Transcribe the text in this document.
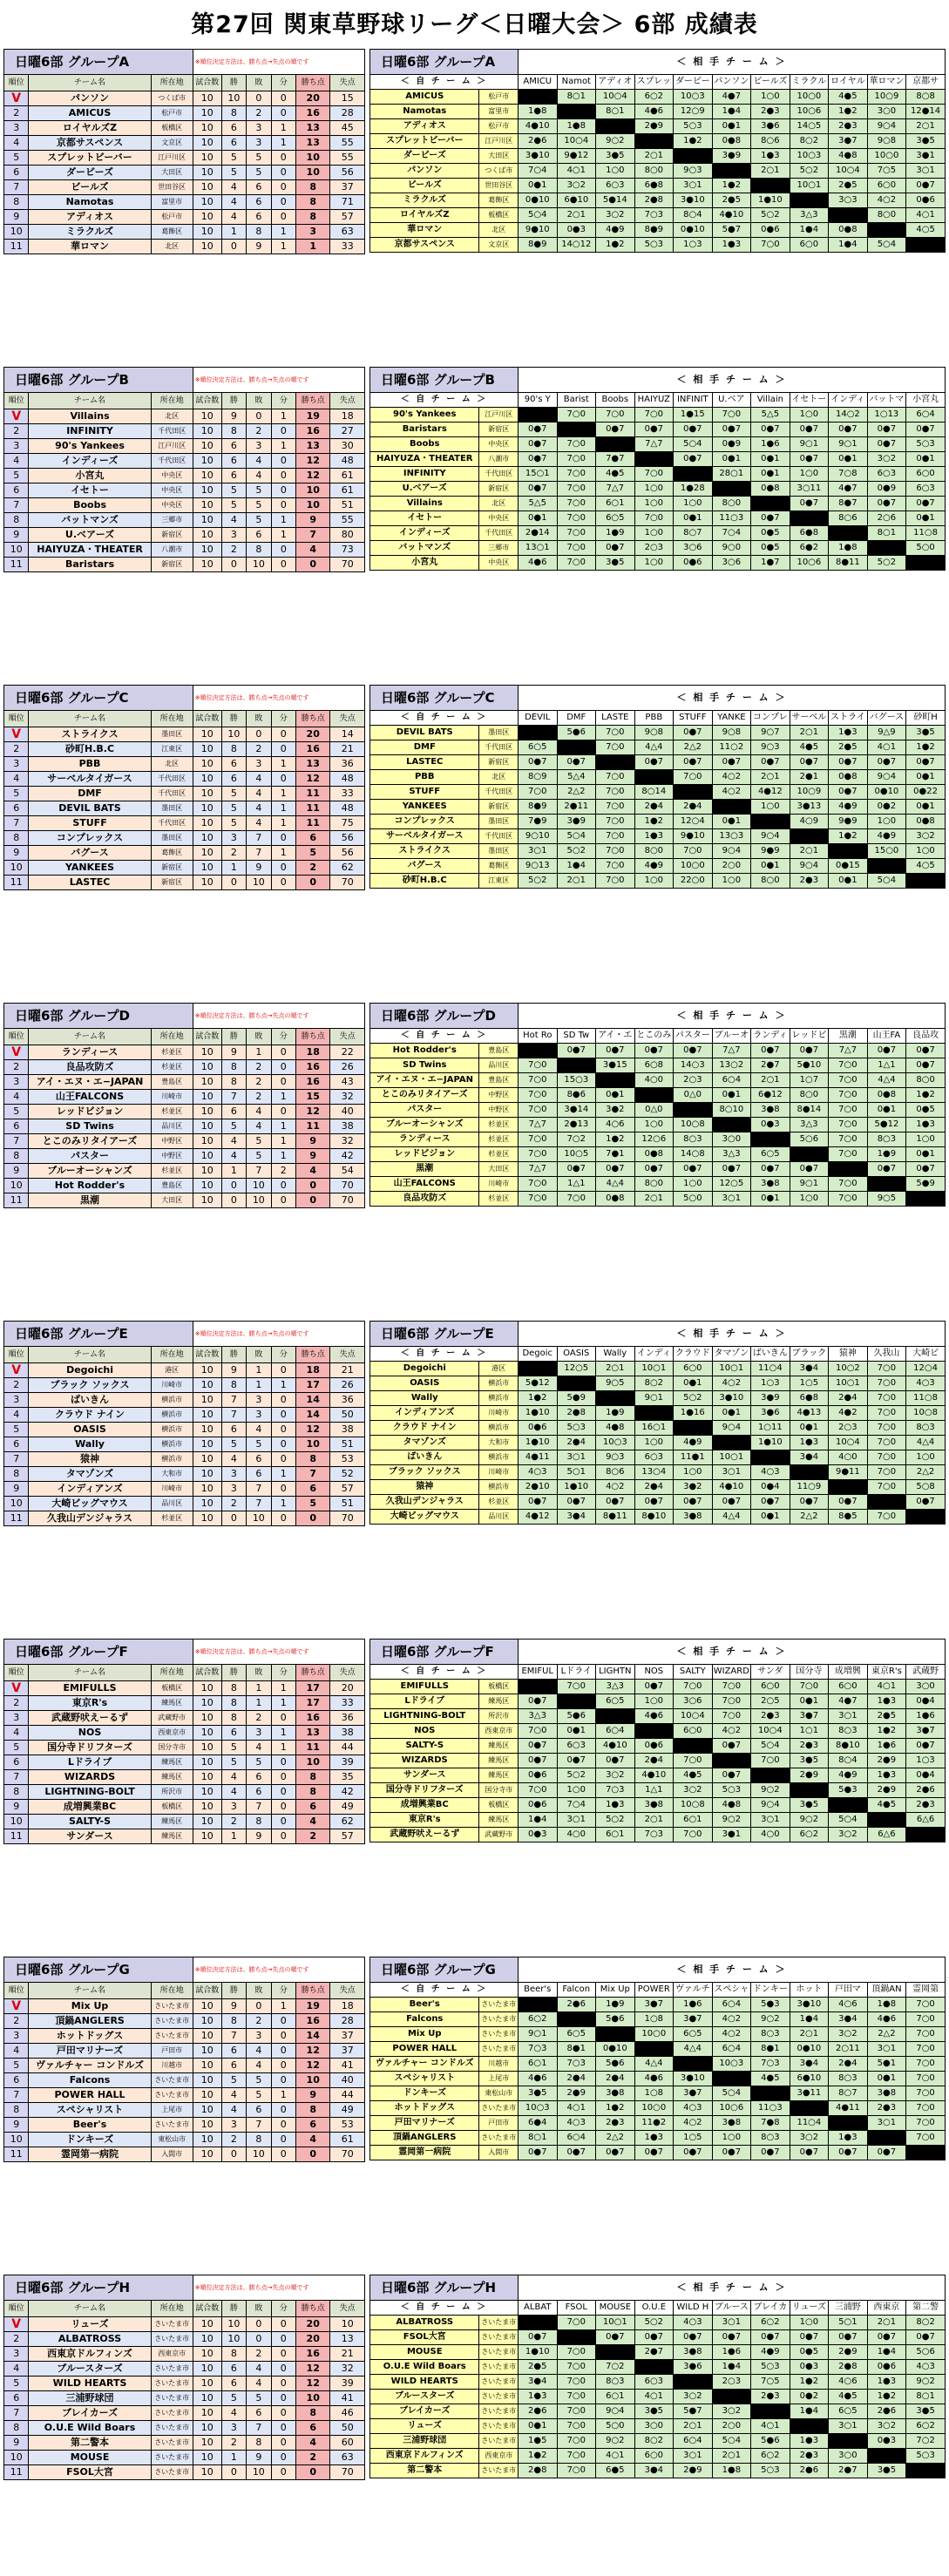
第27回 関東草野球リーグ＜日曜大会＞ 6部 成績表
日曜6部 グループA			※順位決定方法は、勝ち点→失点の順です					
順位	チーム名	所在地	試合数	勝	敗	分	勝ち点	失点
V	パンソン	つくば市	10	10	0	0	20	15
2	AMICUS	松戸市	10	8	2	0	16	28
3	ロイヤルズZ	板橋区	10	6	3	1	13	45
4	京都サスペンス	文京区	10	6	3	1	13	55
5	スプレットビーバー	江戸川区	10	5	5	0	10	55
6	ダービーズ	大田区	10	5	5	0	10	56
7	ビールズ	世田谷区	10	4	6	0	8	37
8	Namotas	富里市	10	4	6	0	8	71
9	アディオス	松戸市	10	4	6	0	8	57
10	ミラクルズ	葛飾区	10	1	8	1	3	63
11	華ロマン	北区	10	0	9	1	1	33
日曜6部 グループA		＜ 相 手 チ ー ム ＞										
＜ 自 チ ー ム ＞		AMICU	Namot	アディオ	スプレッ	ダービー	パンソン	ビールズ	ミラクル	ロイヤル	華ロマン	京都サ
AMICUS	松戸市		8○1	10○4	6○2	10○3	4●7	1○0	10○0	4●5	10○9	8○8
Namotas	富里市	1●8		8○1	4●6	12○9	1●4	2●3	10○6	1●2	3○0	12●14
アディオス	松戸市	4●10	1●8		2●9	5○3	0●1	3●6	14○5	2●3	9○4	2○1
スプレットビーバー	江戸川区	2●6	10○4	9○2		1●2	0●8	8○6	8○2	3●7	9○8	3●5
ダービーズ	大田区	3●10	9●12	3●5	2○1		3●9	1●3	10○3	4●8	10○0	3●1
パンソン	つくば市	7○4	4○1	1○0	8○0	9○3		2○1	5○2	10○4	7○5	3○1
ビールズ	世田谷区	0●1	3○2	6○3	6●8	3○1	1●2		10○1	2●5	6○0	0●7
ミラクルズ	葛飾区	0●10	6●10	5●14	2●8	3●10	2●5	1●10		3○3	4○2	0●6
ロイヤルズZ	板橋区	5○4	2○1	3○2	7○3	8○4	4●10	5○2	3△3		8○0	4○1
華ロマン	北区	9●10	0●3	4●9	8●9	0●10	5●7	0●6	1●4	0●8		4○5
京都サスペンス	文京区	8●9	14○12	1●2	5○3	1○3	1●3	7○0	6○0	1●4	5○4	
日曜6部 グループB			※順位決定方法は、勝ち点→失点の順です					
順位	チーム名	所在地	試合数	勝	敗	分	勝ち点	失点
V	Villains	北区	10	9	0	1	19	18
2	INFINITY	千代田区	10	8	2	0	16	27
3	90's Yankees	江戸川区	10	6	3	1	13	30
4	インディーズ	千代田区	10	6	4	0	12	48
5	小宮丸	中央区	10	6	4	0	12	61
6	イセトー	中央区	10	5	5	0	10	61
7	Boobs	中央区	10	5	5	0	10	51
8	バットマンズ	三郷市	10	4	5	1	9	55
9	U.ベアーズ	新宿区	10	3	6	1	7	80
10	HAIYUZA・THEATER	八潮市	10	2	8	0	4	73
11	Baristars	新宿区	10	0	10	0	0	70
日曜6部 グループB		＜ 相 手 チ ー ム ＞										
＜ 自 チ ー ム ＞		90's Y	Barist	Boobs	HAIYUZ	INFINIT	U.ベア	Villain	イセトー	インディ	バットマ	小宮丸
90's Yankees	江戸川区		7○0	7○0	7○0	1●15	7○0	5△5	1○0	14○2	1○13	6○4
Baristars	新宿区	0●7		0●7	0●7	0●7	0●7	0●7	0●7	0●7	0●7	0●7
Boobs	中央区	0●7	7○0		7△7	5○4	0●9	1●6	9○1	9○1	0●7	5○3
HAIYUZA・THEATER	八潮市	0●7	7○0	7●7		0●7	0●1	0●1	0●7	0●1	3○2	0●1
INFINITY	千代田区	15○1	7○0	4●5	7○0		28○1	0●1	1○0	7○8	6○3	6○0
U.ベアーズ	新宿区	0●7	7○0	7△7	1○0	1●28		0●8	3○11	4●7	0●9	6○3
Villains	北区	5△5	7○0	6○1	1○0	1○0	8○0		0●7	8●7	0●7	0●7
イセトー	中央区	0●1	7○0	6○5	7○0	0●1	11○3	0●7		8○6	2○6	0●1
インディーズ	千代田区	2●14	7○0	1●9	1○0	8○7	7○4	0●5	6●8		8○1	11○8
バットマンズ	三郷市	13○1	7○0	0●7	2○3	3○6	9○0	0●5	6●2	1●8		5○0
小宮丸	中央区	4●6	7○0	3●5	1○0	0●6	3○6	1●7	10○6	8●11	5○2	
日曜6部 グループC			※順位決定方法は、勝ち点→失点の順です					
順位	チーム名	所在地	試合数	勝	敗	分	勝ち点	失点
V	ストライクス	墨田区	10	10	0	0	20	14
2	砂町H.B.C	江東区	10	8	2	0	16	21
3	PBB	北区	10	6	3	1	13	36
4	サーベルタイガース	千代田区	10	6	4	0	12	48
5	DMF	千代田区	10	5	4	1	11	33
6	DEVIL BATS	墨田区	10	5	4	1	11	48
7	STUFF	千代田区	10	5	4	1	11	75
8	コンプレックス	墨田区	10	3	7	0	6	56
9	バグース	葛飾区	10	2	7	1	5	56
10	YANKEES	新宿区	10	1	9	0	2	62
11	LASTEC	新宿区	10	0	10	0	0	70
日曜6部 グループC		＜ 相 手 チ ー ム ＞										
＜ 自 チ ー ム ＞		DEVIL	DMF	LASTE	PBB	STUFF	YANKE	コンプレ	サーベル	ストライ	バグース	砂町H
DEVIL BATS	墨田区		5●6	7○0	9○8	0●7	9○8	9○7	2○1	1●3	9△9	3●5
DMF	千代田区	6○5		7○0	4△4	2△2	11○2	9○3	4●5	2●5	4○1	1●2
LASTEC	新宿区	0●7	0●7		0●7	0●7	0●7	0●7	0●7	0●7	0●7	0●7
PBB	北区	8○9	5△4	7○0		7○0	4○2	2○1	2●1	0●8	9○4	0●1
STUFF	千代田区	7○0	2△2	7○0	8○14		4○2	4●12	10○9	0●7	0●10	0●22
YANKEES	新宿区	8●9	2●11	7○0	2●4	2●4		1○0	3●13	4●9	0●2	0●1
コンプレックス	墨田区	7●9	3●9	7○0	1●2	12○4	0●1		4○9	9●9	1○0	0●8
サーベルタイガース	千代田区	9○10	5○4	7○0	1●3	9●10	13○3	9○4		1●2	4●9	3○2
ストライクス	墨田区	3○1	5○2	7○0	8○0	7○0	9○4	9●9	2○1		15○0	1○0
バグース	葛飾区	9○13	1●4	7○0	4●9	10○0	2○0	0●1	9○4	0●15		4○5
砂町H.B.C	江東区	5○2	2○1	7○0	1○0	22○0	1○0	8○0	2●3	0●1	5○4	
日曜6部 グループD			※順位決定方法は、勝ち点→失点の順です					
順位	チーム名	所在地	試合数	勝	敗	分	勝ち点	失点
V	ランディース	杉並区	10	9	1	0	18	22
2	良品攻防ズ	杉並区	10	8	2	0	16	26
3	アイ・エヌ・エ−JAPAN	豊島区	10	8	2	0	16	43
4	山王FALCONS	川崎市	10	7	2	1	15	32
5	レッドビジョン	杉並区	10	6	4	0	12	40
6	SD Twins	品川区	10	5	4	1	11	38
7	とこのみリタイアーズ	中野区	10	4	5	1	9	32
8	パスター	中野区	10	4	5	1	9	42
9	ブルーオーシャンズ	杉並区	10	1	7	2	4	54
10	Hot Rodder's	豊島区	10	0	10	0	0	70
11	黒潮	大田区	10	0	10	0	0	70
日曜6部 グループD		＜ 相 手 チ ー ム ＞										
＜ 自 チ ー ム ＞		Hot Ro	SD Tw	アイ・エ	とこのみ	パスター	ブルーオ	ランディ	レッドビ	黒潮	山王FA	良品攻
Hot Rodder's	豊島区		0●7	0●7	0●7	0●7	7△7	0●7	0●7	7△7	0●7	0●7
SD Twins	品川区	7○0		3●15	6○8	14○3	13○2	2●7	5●10	7○0	1△1	0●7
アイ・エヌ・エ−JAPAN	豊島区	7○0	15○3		4○0	2○3	6○4	2○1	1○7	7○0	4△4	8○0
とこのみリタイアーズ	中野区	7○0	8●6	0●1		0△0	0●1	6●12	8○0	7○0	0●8	1●2
パスター	中野区	7○0	3●14	3●2	0△0		8○10	3●8	8●14	7○0	0●1	0●5
ブルーオーシャンズ	杉並区	7△7	2●13	4○6	1○0	10○8		0●3	3△3	7○0	5●12	1●3
ランディース	杉並区	7○0	7○2	1●2	12○6	8○3	3○0		5○6	7○0	8○3	1○0
レッドビジョン	杉並区	7○0	10○5	7●1	0●8	14○8	3△3	6○5		7○0	1●9	0●1
黒潮	大田区	7△7	0●7	0●7	0●7	0●7	0●7	0●7	0●7		0●7	0●7
山王FALCONS	川崎市	7○0	1△1	4△4	8○0	1○0	12○5	3●8	9○1	7○0		5●9
良品攻防ズ	杉並区	7○0	7○0	0●8	2○1	5○0	3○1	0●1	1○0	7○0	9○5	
日曜6部 グループE			※順位決定方法は、勝ち点→失点の順です					
順位	チーム名	所在地	試合数	勝	敗	分	勝ち点	失点
V	Degoichi	港区	10	9	1	0	18	21
2	ブラック ソックス	川崎市	10	8	1	1	17	26
3	ばいきん	横浜市	10	7	3	0	14	36
4	クラウド ナイン	横浜市	10	7	3	0	14	50
5	OASIS	横浜市	10	6	4	0	12	38
6	Wally	横浜市	10	5	5	0	10	51
7	猿神	横浜市	10	4	6	0	8	53
8	タマゾンズ	大和市	10	3	6	1	7	52
9	インディアンズ	川崎市	10	3	7	0	6	57
10	大崎ビッグマウス	品川区	10	2	7	1	5	51
11	久我山デンジャラス	杉並区	10	0	10	0	0	70
日曜6部 グループE		＜ 相 手 チ ー ム ＞										
＜ 自 チ ー ム ＞		Degoic	OASIS	Wally	インディ	クラウド	タマゾン	ばいきん	ブラック	猿神	久我山	大崎ビ
Degoichi	港区		12○5	2○1	10○1	6○0	10○1	11○4	3●4	10○2	7○0	12○4
OASIS	横浜市	5●12		9○5	8○2	0●1	4○2	1○3	1○5	10○1	7○0	4○3
Wally	横浜市	1●2	5●9		9○1	5○2	3●10	3●9	6●8	2●4	7○0	11○8
インディアンズ	川崎市	1●10	2●8	1●9		1●16	0●1	3●6	4●13	4●2	7○0	10○8
クラウド ナイン	横浜市	0●6	5○3	4●8	16○1		9○4	1○11	0●1	2○3	7○0	8○3
タマゾンズ	大和市	1●10	2●4	10○3	1○0	4●9		1●10	1●3	10○4	7○0	4△4
ばいきん	横浜市	4●11	3○1	9○3	6○3	11●1	10○1		3●4	4○0	7○0	1○0
ブラック ソックス	川崎市	4○3	5○1	8○6	13○4	1○0	3○1	4○3		9●11	7○0	2△2
猿神	横浜市	2●10	1●10	4○2	2●4	3●2	4●10	0●4	11○9		7○0	5○8
久我山デンジャラス	杉並区	0●7	0●7	0●7	0●7	0●7	0●7	0●7	0●7	0●7		0●7
大崎ビッグマウス	品川区	4●12	3●4	8●11	8●10	3●8	4△4	0●1	2△2	8●5	7○0	
日曜6部 グループF			※順位決定方法は、勝ち点→失点の順です					
順位	チーム名	所在地	試合数	勝	敗	分	勝ち点	失点
V	EMIFULLS	板橋区	10	8	1	1	17	20
2	東京R's	練馬区	10	8	1	1	17	33
3	武蔵野吠えーるず	武蔵野市	10	8	2	0	16	36
4	NOS	西東京市	10	6	3	1	13	38
5	国分寺ドリフターズ	国分寺市	10	5	4	1	11	44
6	Lドライブ	練馬区	10	5	5	0	10	39
7	WIZARDS	練馬区	10	4	6	0	8	35
8	LIGHTNING-BOLT	所沢市	10	4	6	0	8	42
9	成増興業BC	板橋区	10	3	7	0	6	49
10	SALTY-S	練馬区	10	2	8	0	4	62
11	サンダース	練馬区	10	1	9	0	2	57
日曜6部 グループF		＜ 相 手 チ ー ム ＞										
＜ 自 チ ー ム ＞		EMIFUL	Lドライ	LIGHTN	NOS	SALTY	WIZARD	サンダ	国分寺	成増興	東京R's	武蔵野
EMIFULLS	板橋区		7○0	3△3	0●7	7○0	7○0	6○0	7○0	6○0	4○1	3○0
Lドライブ	練馬区	0●7		6○5	1○0	3○6	7○0	2○5	0●1	4●7	1●3	0●4
LIGHTNING-BOLT	所沢市	3△3	5●6		4●6	10○4	7○0	2●3	3●7	3○1	2●5	1●6
NOS	西東京市	7○0	0●1	6○4		6○0	4○2	10○4	1○1	8○3	1●2	3●7
SALTY-S	練馬区	0●7	6○3	4●10	0●6		0●7	5○4	2●3	8●10	1●6	0●7
WIZARDS	練馬区	0●7	0●7	0●7	2●4	7○0		7○0	3●5	8○4	2●9	1○3
サンダース	練馬区	0●6	5○2	3○2	4●10	4●5	0●7		2●9	4●9	1●3	0●4
国分寺ドリフターズ	国分寺市	7○0	1○0	7○3	1△1	3○2	5○3	9○2		5●3	2●9	2●6
成増興業BC	板橋区	0●6	7○4	1●3	3●8	10○8	4●8	9○4	3●5		4●5	2●3
東京R's	練馬区	1●4	3○1	5○2	2○1	6○1	9○2	3○1	9○2	5○4		6△6
武蔵野吠えーるず	武蔵野市	0●3	4○0	6○1	7○3	7○0	3●1	4○0	6○2	3○2	6△6	
日曜6部 グループG			※順位決定方法は、勝ち点→失点の順です					
順位	チーム名	所在地	試合数	勝	敗	分	勝ち点	失点
V	Mix Up	さいたま市	10	9	0	1	19	18
2	頂鍋ANGLERS	さいたま市	10	8	2	0	16	28
3	ホットドッグス	さいたま市	10	7	3	0	14	37
4	戸田マリナーズ	戸田市	10	6	4	0	12	37
5	ヴァルチャー コンドルズ	川越市	10	6	4	0	12	41
6	Falcons	さいたま市	10	5	5	0	10	40
7	POWER HALL	さいたま市	10	4	5	1	9	44
8	スペシャリスト	上尾市	10	4	6	0	8	49
9	Beer's	さいたま市	10	3	7	0	6	53
10	ドンキーズ	東松山市	10	2	8	0	4	61
11	霊岡第一病院	入間市	10	0	10	0	0	70
日曜6部 グループG		＜ 相 手 チ ー ム ＞										
＜ 自 チ ー ム ＞		Beer's	Falcon	Mix Up	POWER	ヴァルチ	スペシャ	ドンキー	ホット	戸田マ	頂鍋AN	霊岡第
Beer's	さいたま市		2●6	1●9	3●7	1●6	6○4	5●3	3●10	4○6	1●8	7○0
Falcons	さいたま市	6○2		5●6	1○8	3●7	4○2	9○2	1●4	3●4	4●6	7○0
Mix Up	さいたま市	9○1	6○5		10○0	6○5	4○2	8○3	2○1	3○2	2△2	7○0
POWER HALL	さいたま市	7○3	8●1	0●10		4△4	6○4	8●1	0●10	2○11	3○1	7○0
ヴァルチャー コンドルズ	川越市	6○1	7○3	5●6	4△4		10○3	7○3	3●4	2●4	5●1	7○0
スペシャリスト	上尾市	4●6	2●4	2●4	4●6	3●10		4●5	6●10	8○3	0●1	7○0
ドンキーズ	東松山市	3●5	2●9	3●8	1○8	3●7	5○4		3●11	8○7	3●8	7○0
ホットドッグス	さいたま市	10○3	4○1	1●2	10○0	4○3	10○6	11○3		4●11	2●3	7○0
戸田マリナーズ	戸田市	6●4	4○3	2●3	11●2	4○2	3●8	7●8	11○4		3○1	7○0
頂鍋ANGLERS	さいたま市	8○1	6○4	2△2	1●3	1○5	1○0	8○3	3○2	1●3		7○0
霊岡第一病院	入間市	0●7	0●7	0●7	0●7	0●7	0●7	0●7	0●7	0●7	0●7	
日曜6部 グループH			※順位決定方法は、勝ち点→失点の順です					
順位	チーム名	所在地	試合数	勝	敗	分	勝ち点	失点
V	リューズ	さいたま市	10	10	0	0	20	10
2	ALBATROSS	さいたま市	10	10	0	0	20	13
3	西東京ドルフィンズ	西東京市	10	8	2	0	16	21
4	ブルースターズ	さいたま市	10	6	4	0	12	32
5	WILD HEARTS	さいたま市	10	6	4	0	12	39
6	三浦野球団	さいたま市	10	5	5	0	10	41
7	ブレイカーズ	さいたま市	10	4	6	0	8	46
8	O.U.E Wild Boars	さいたま市	10	3	7	0	6	50
9	第二警本	さいたま市	10	2	8	0	4	60
10	MOUSE	さいたま市	10	1	9	0	2	63
11	FSOL大宮	さいたま市	10	0	10	0	0	70
日曜6部 グループH		＜ 相 手 チ ー ム ＞										
＜ 自 チ ー ム ＞		ALBAT	FSOL	MOUSE	O.U.E	WILD H	ブルース	ブレイカ	リューズ	三浦野	西東京	第二警
ALBATROSS	さいたま市		7○0	10○1	5○2	4○3	3○1	6○2	1○0	5○1	2○1	8○2
FSOL大宮	さいたま市	0●7		0●7	0●7	0●7	0●7	0●7	0●7	0●7	0●7	0●7
MOUSE	さいたま市	1●10	7○0		2●7	3●8	1●6	4●9	0●5	2●9	1●4	5○6
O.U.E Wild Boars	さいたま市	2●5	7○0	7○2		3●6	1●4	5○3	0●3	2●8	0●6	4○3
WILD HEARTS	さいたま市	3●4	7○0	8○3	6○3		2○3	7○5	1●2	4○6	1●3	9○2
ブルースターズ	さいたま市	1●3	7○0	6○1	4○1	3○2		2●3	0●2	4●5	1●2	8○1
ブレイカーズ	さいたま市	2●6	7○0	9○4	3●5	5●7	3○2		1●4	6○5	2●6	3●5
リューズ	さいたま市	0●1	7○0	5○0	3○0	2○1	2○0	4○1		3○1	3○2	6○2
三浦野球団	さいたま市	1●5	7○0	9○2	8○2	6○4	5○4	5●6	1●3		0●3	7○2
西東京ドルフィンズ	西東京市	1●2	7○0	4○1	6○0	3○1	2○1	6○2	2●3	3○0		5○3
第二警本	さいたま市	2●8	7○0	6●5	3●4	2●9	1●8	5○3	2●6	2●7	3●5	
